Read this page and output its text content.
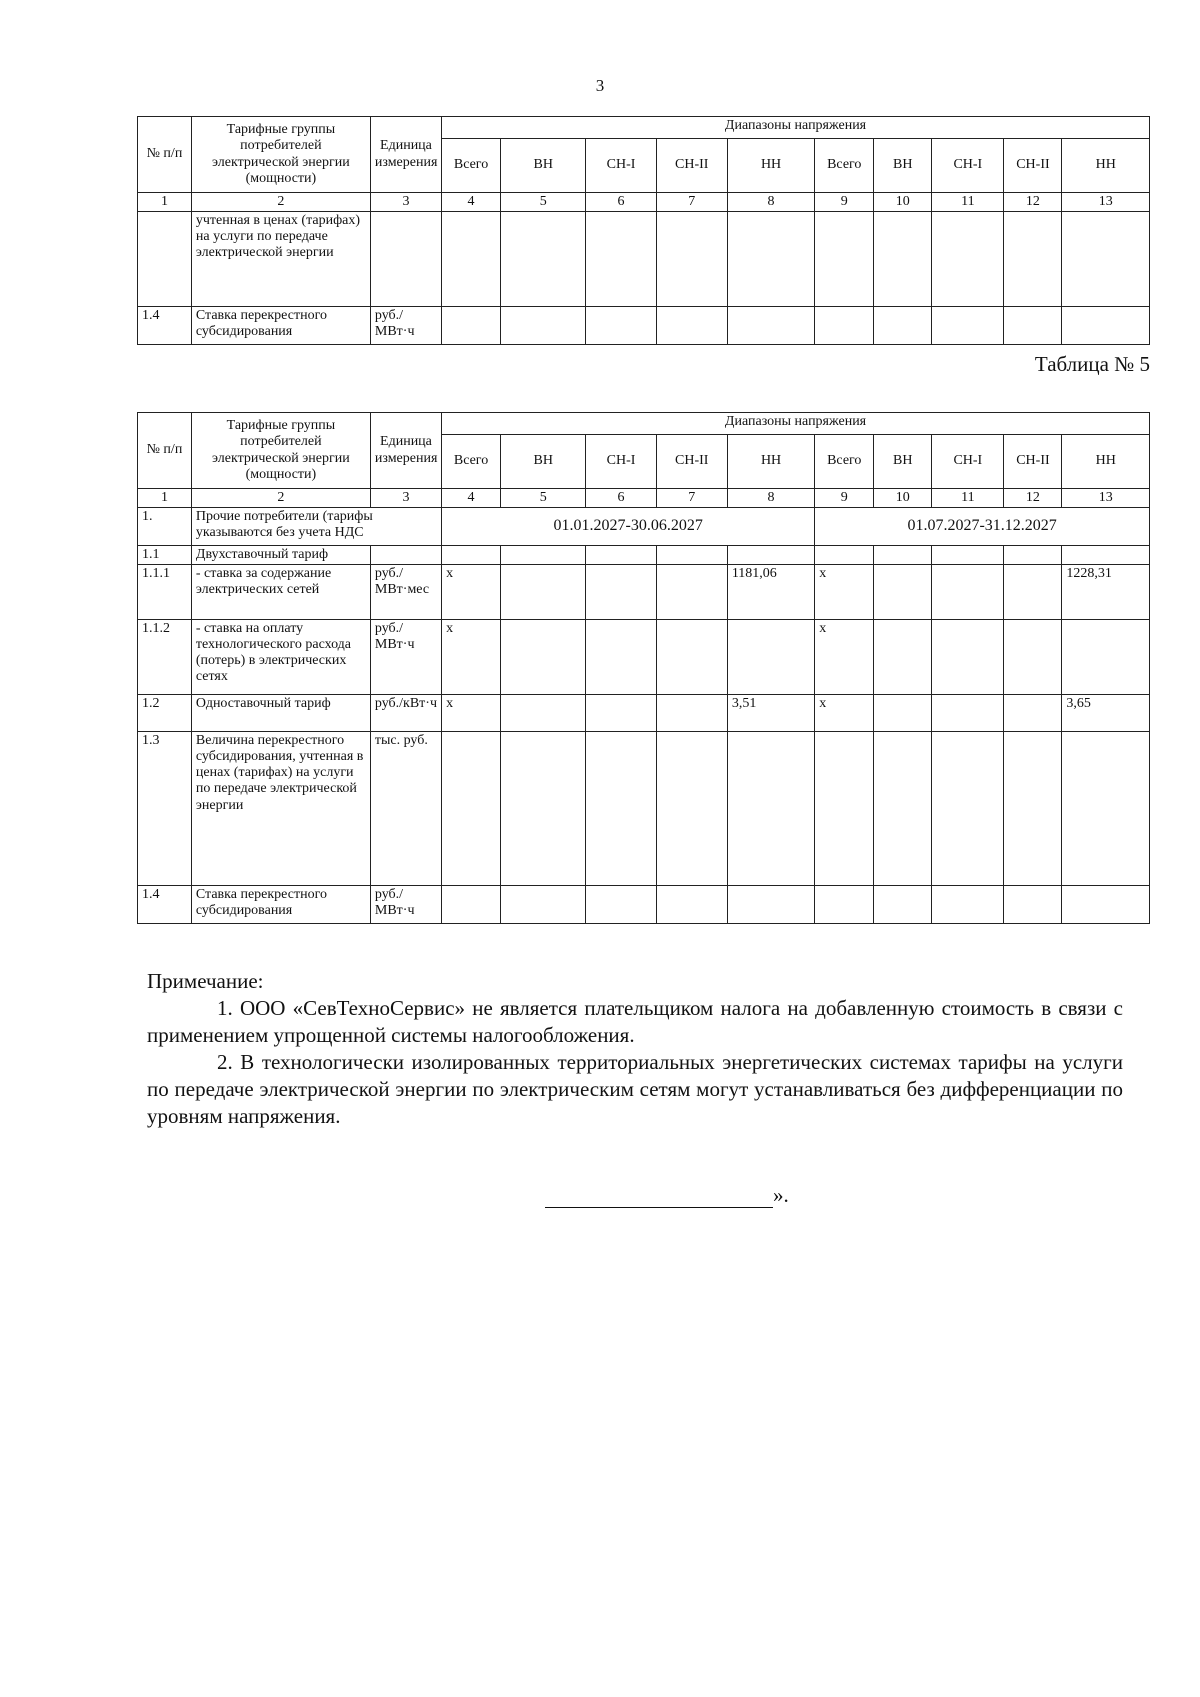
3
№ п/п	Тарифные группы потребителей электрической энергии (мощности)	Единица измерения	Диапазоны напряжения									
			Всего	ВН	СН-I	СН-II	НН	Всего	ВН	СН-I	СН-II	НН
1	2	3	4	5	6	7	8	9	10	11	12	13
	учтенная в ценах (тарифах) на услуги по передаче электрической энергии											
1.4	Ставка перекрестного субсидирования	руб./МВт·ч										
Таблица № 5
№ п/п	Тарифные группы потребителей электрической энергии (мощности)	Единица измерения	Диапазоны напряжения									
			Всего	ВН	СН-I	СН-II	НН	Всего	ВН	СН-I	СН-II	НН
1	2	3	4	5	6	7	8	9	10	11	12	13
1.	Прочие потребители (тарифы указываются без учета НДС		01.01.2027-30.06.2027					01.07.2027-31.12.2027				
1.1	Двухставочный тариф											
1.1.1	- ставка за содержание электрических сетей	руб./МВт·мес	x				1181,06	x				1228,31
1.1.2	- ставка на оплату технологического расхода (потерь) в электрических сетях	руб./МВт·ч	x					x				
1.2	Одноставочный тариф	руб./кВт·ч	x				3,51	x				3,65
1.3	Величина перекрестного субсидирования, учтенная в ценах (тарифах) на услуги по передаче электрической энергии	тыс. руб.										
1.4	Ставка перекрестного субсидирования	руб./МВт·ч										

Примечание:

1. ООО «СевТехноСервис» не является плательщиком налога на добавленную стоимость в связи с применением упрощенной системы налогообложения.

2. В технологически изолированных территориальных энергетических системах тарифы на услуги по передаче электрической энергии по электрическим сетям могут устанавливаться без дифференциации по уровням напряжения.

».
